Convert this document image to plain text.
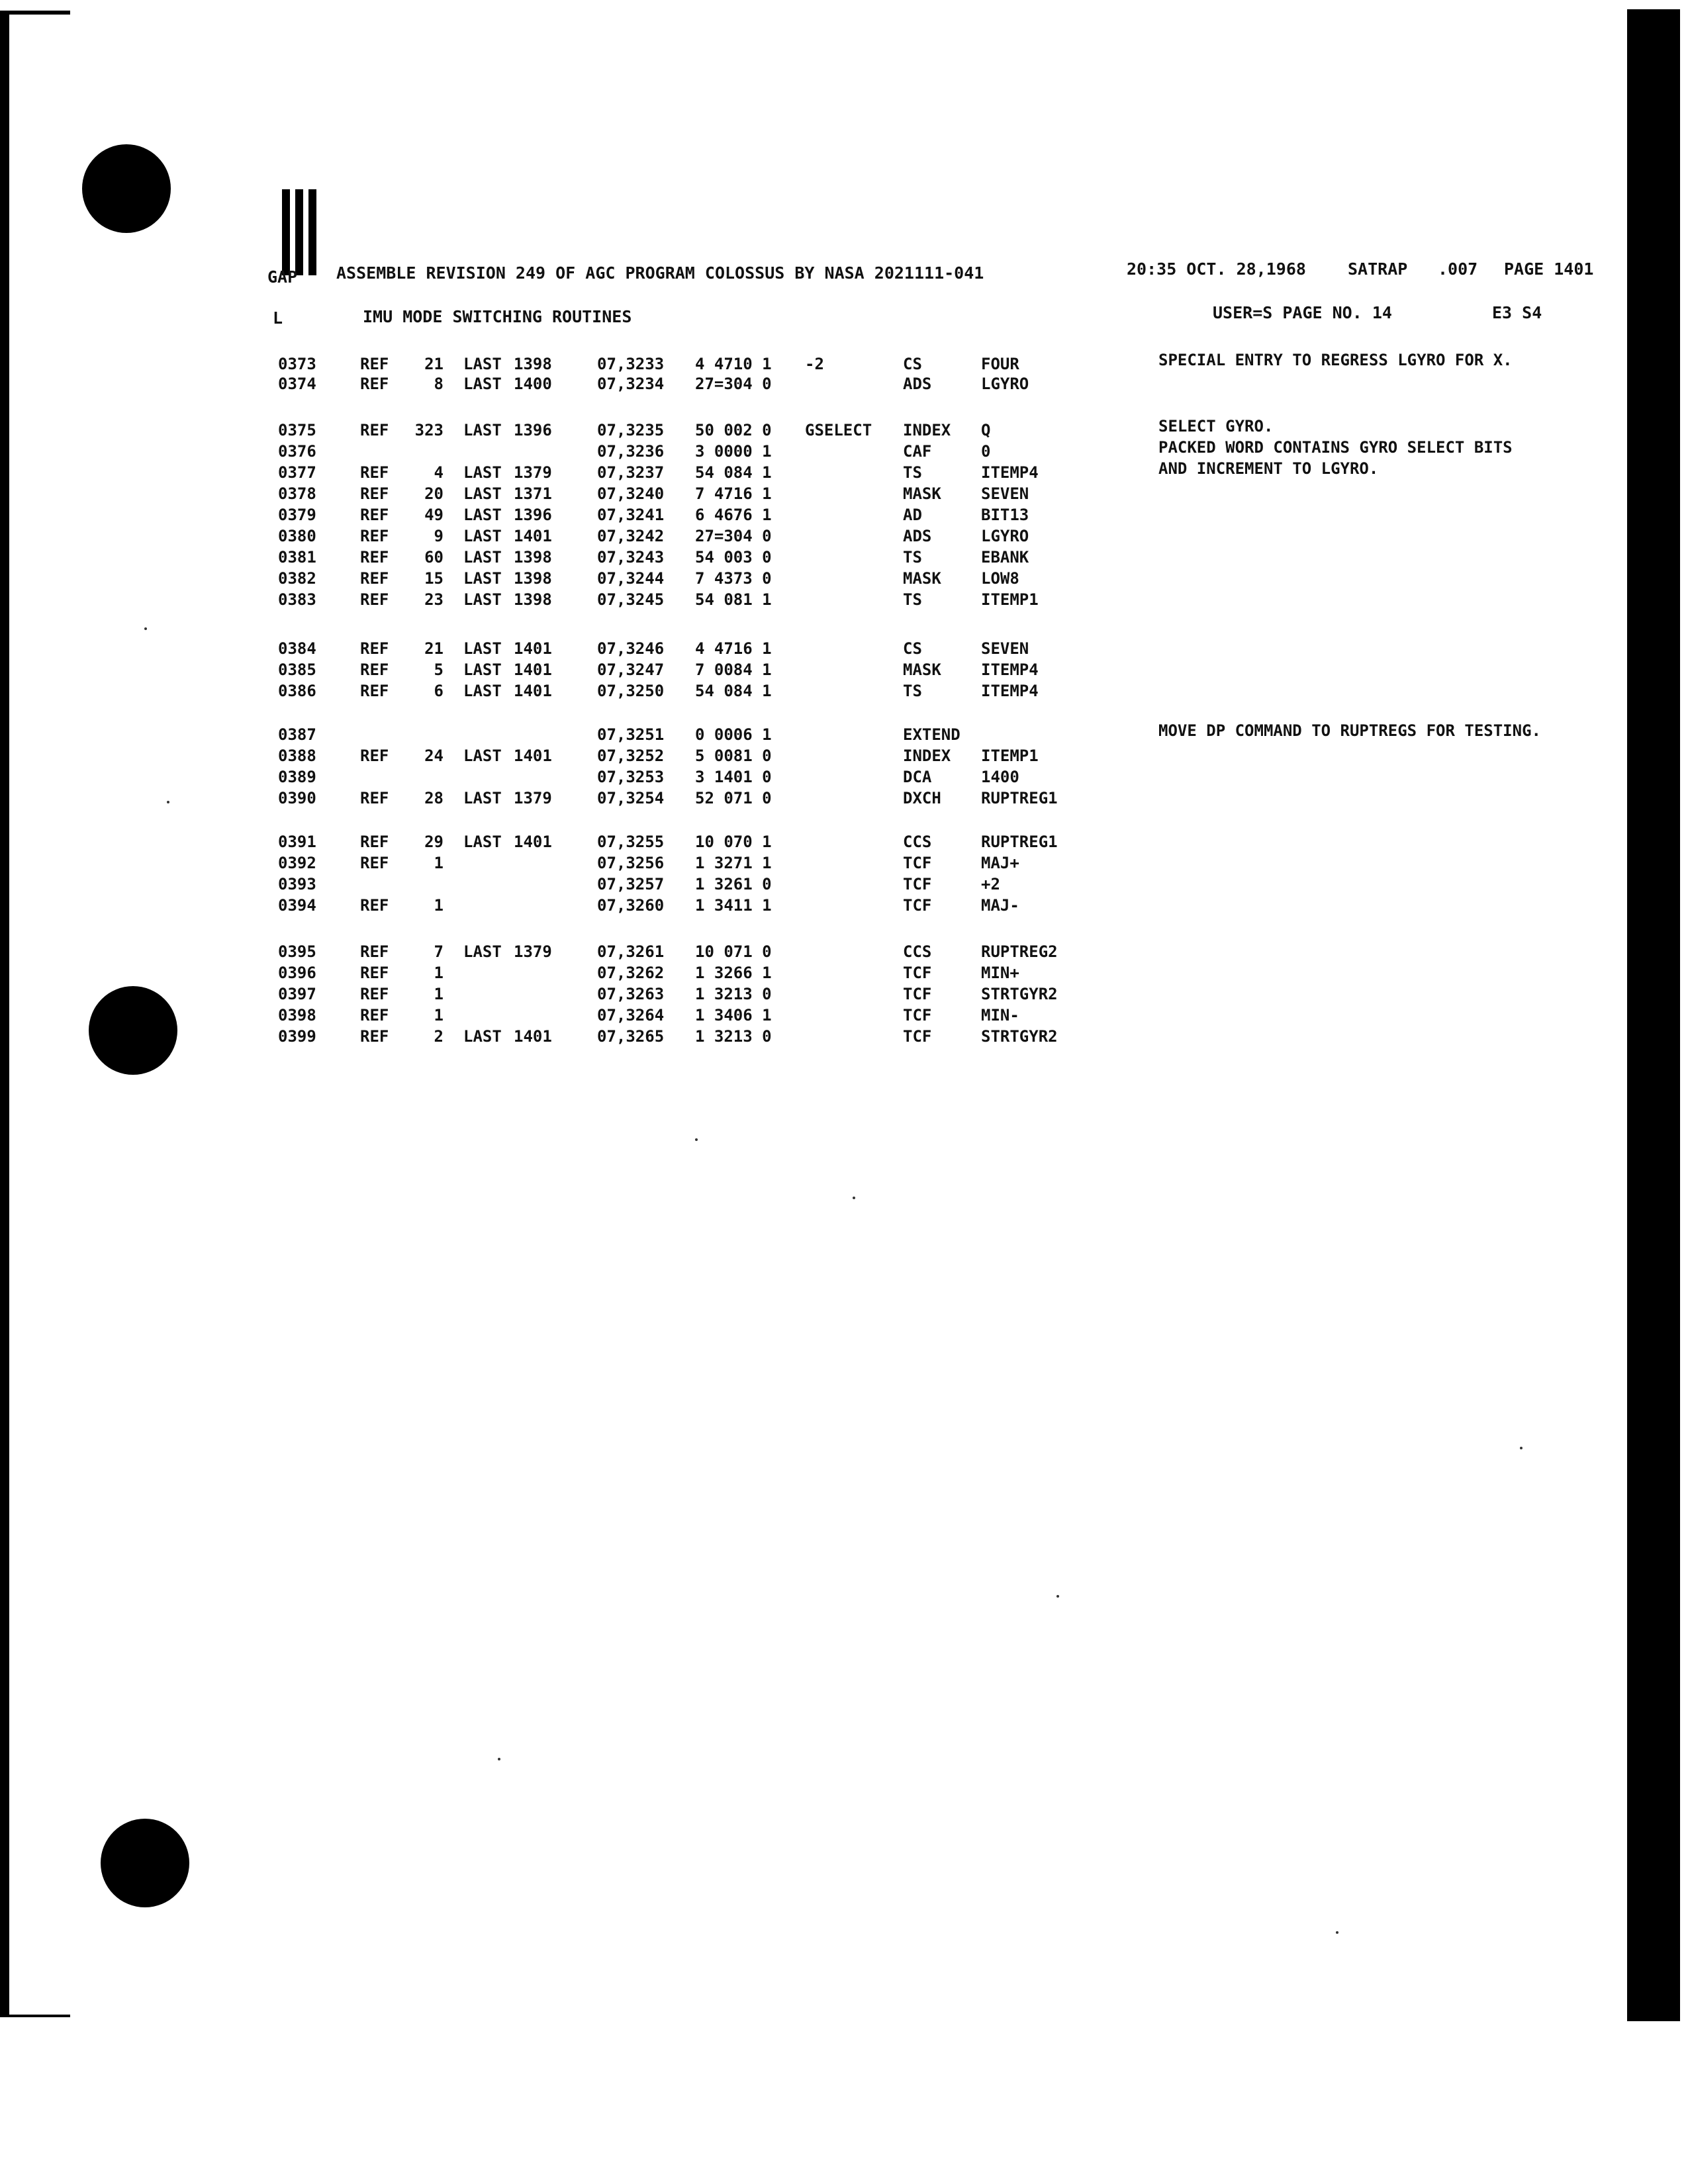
GAP ASSEMBLE REVISION 249 OF AGC PROGRAM COLOSSUS BY NASA 2021111-041	20:35 OCT. 28,1968	SATRAP .007 PAGE 1401
L	IMU MODE SWITCHING ROUTINES	USER=S PAGE NO. 14	E3 S4
0373	REF	21 LAST 1398	07,3233 4 4710 1 -2	CS	FOUR	SPECIAL ENTRY TO REGRESS LGYRO FOR X.
0374	REF	8 LAST 1400	07,3234 27=304 0	ADS	LGYRO
0375	REF 323 LAST 1396	07,3235 50 002 0 GSELECT INDEX Q	SELECT GYRO.
0376	07,3236 3 0000 1	CAF	0	PACKED WORD CONTAINS GYRO SELECT BITS
0377	REF	4 LAST 1379	07,3237 54 084 1	TS	ITEMP4	AND INCREMENT TO LGYRO.
0378	REF	20 LAST 1371	07,3240 7 4716 1	MASK	SEVEN
0379	REF	49 LAST 1396	07,3241 6 4676 1	AD	BIT13
0380	REF	9 LAST 1401	07,3242 27=304 0	ADS	LGYRO
0381	REF	60 LAST 1398	07,3243 54 003 0	TS	EBANK
0382	REF	15 LAST 1398	07,3244 7 4373 0	MASK	LOW8
0383	REF	23 LAST 1398	07,3245 54 081 1	TS	ITEMP1
0384	REF	21 LAST 1401	07,3246 4 4716 1	CS	SEVEN
0385	REF	5 LAST 1401	07,3247 7 0084 1	MASK	ITEMP4
0386	REF	6 LAST 1401	07,3250 54 084 1	TS	ITEMP4
0387	07,3251 0 0006 1	EXTEND	MOVE DP COMMAND TO RUPTREGS FOR TESTING.
0388	REF	24 LAST 1401	07,3252 5 0081 0	INDEX ITEMP1
0389	07,3253 3 1401 0	DCA	1400
0390	REF	28 LAST 1379	07,3254 52 071 0	DXCH	RUPTREG1
0391	REF	29 LAST 1401	07,3255 10 070 1	CCS	RUPTREG1
0392	REF	1	07,3256 1 3271 1	TCF	MAJ+
0393	07,3257 1 3261 0	TCF	+2
0394	REF	1	07,3260 1 3411 1	TCF	MAJ-
0395	REF	7 LAST 1379	07,3261 10 071 0	CCS	RUPTREG2
0396	REF	1	07,3262 1 3266 1	TCF	MIN+
0397	REF	1	07,3263 1 3213 0	TCF	STRTGYR2
0398	REF	1	07,3264 1 3406 1	TCF	MIN-
0399	REF	2 LAST 1401	07,3265 1 3213 0	TCF	STRTGYR2
